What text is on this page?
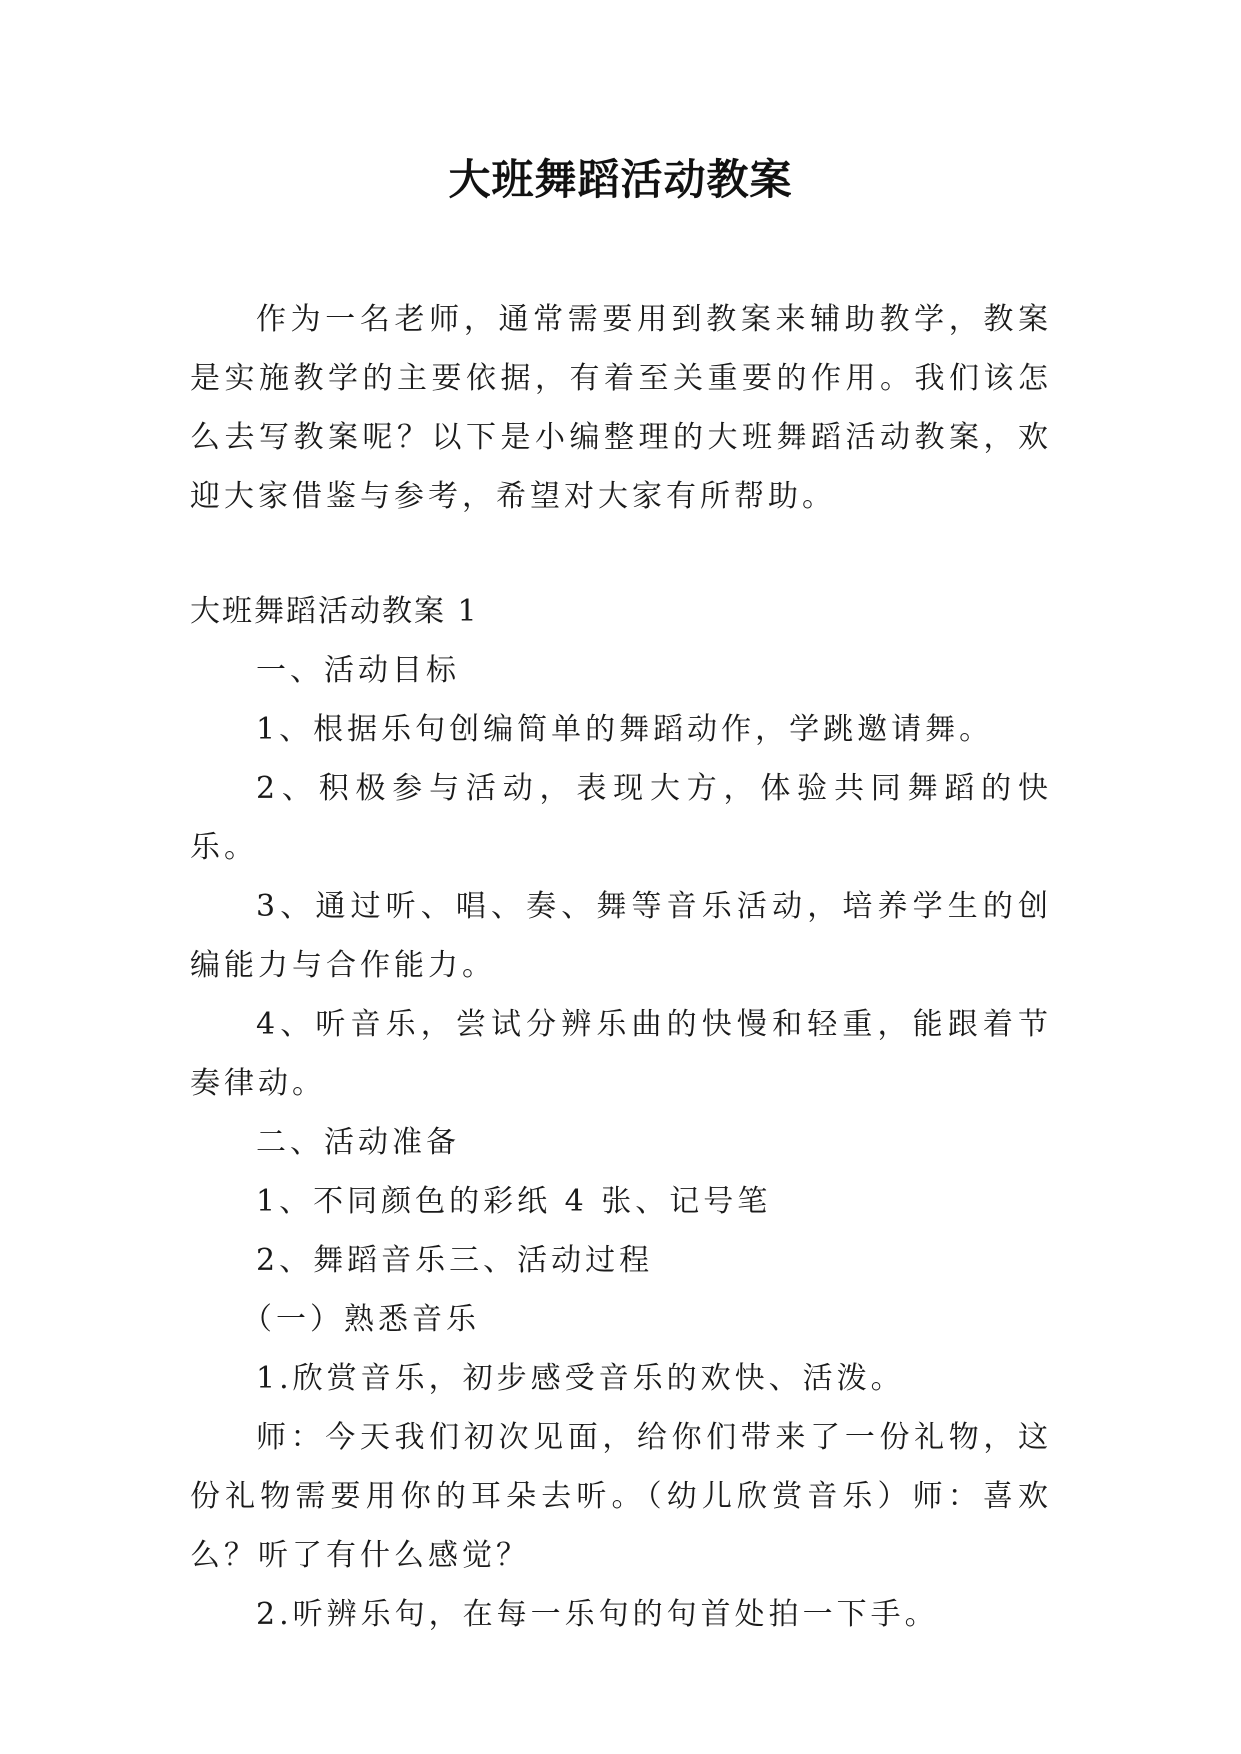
大班舞蹈活动教案

作为一名老师，通常需要用到教案来辅助教学，教案是实施教学的主要依据，有着至关重要的作用。我们该怎么去写教案呢？以下是小编整理的大班舞蹈活动教案，欢迎大家借鉴与参考，希望对大家有所帮助。

大班舞蹈活动教案 1

一、活动目标

1、根据乐句创编简单的舞蹈动作，学跳邀请舞。

2、积极参与活动，表现大方，体验共同舞蹈的快乐。

3、通过听、唱、奏、舞等音乐活动，培养学生的创编能力与合作能力。

4、听音乐，尝试分辨乐曲的快慢和轻重，能跟着节奏律动。

二、活动准备

1、不同颜色的彩纸 4 张、记号笔

2、舞蹈音乐三、活动过程

（一）熟悉音乐

1.欣赏音乐，初步感受音乐的欢快、活泼。

师：今天我们初次见面，给你们带来了一份礼物，这份礼物需要用你的耳朵去听。（幼儿欣赏音乐）师：喜欢么？听了有什么感觉？

2.听辨乐句，在每一乐句的句首处拍一下手。
